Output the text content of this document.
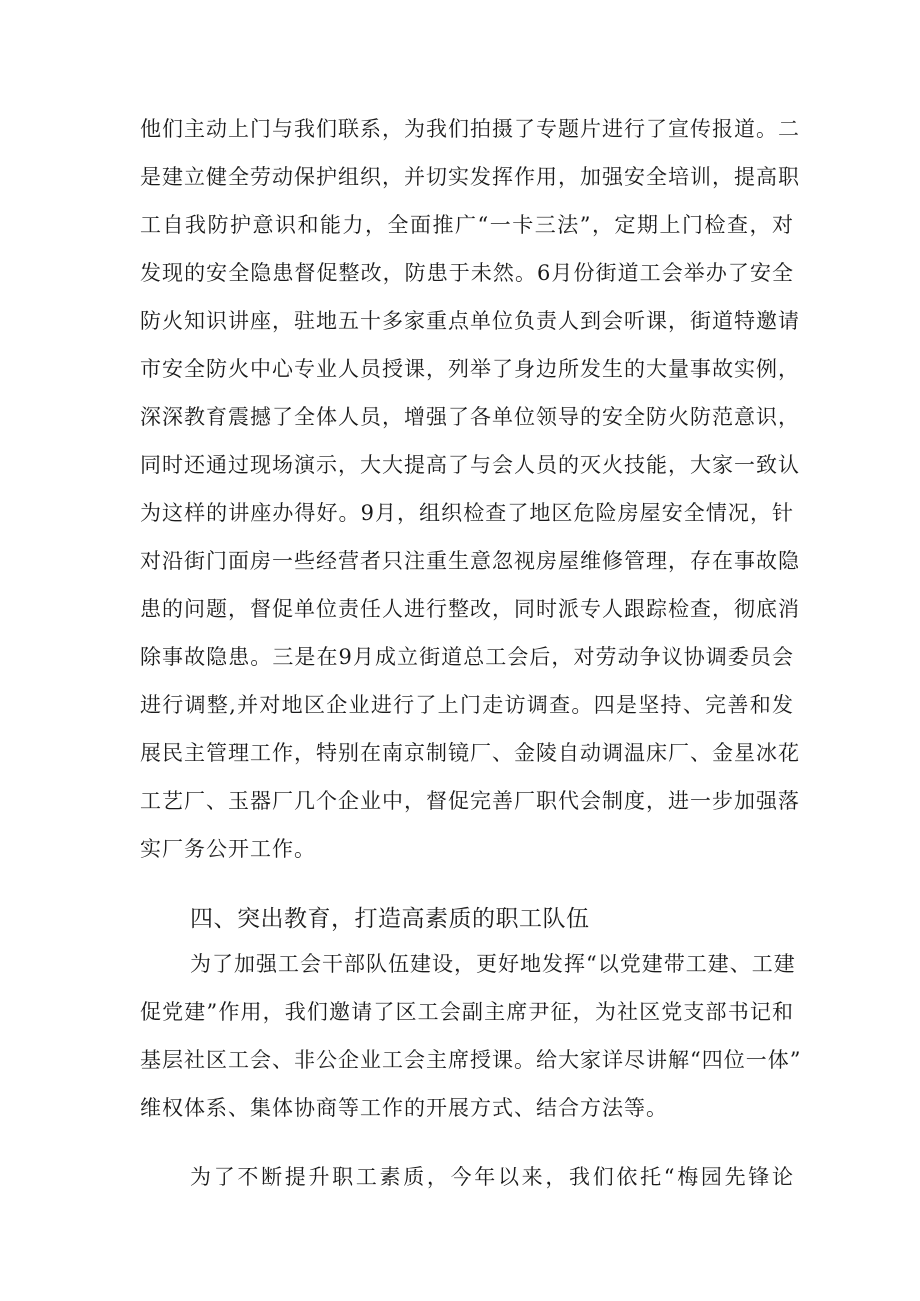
他们主动上门与我们联系，为我们拍摄了专题片进行了宣传报道。二
是建立健全劳动保护组织，并切实发挥作用，加强安全培训，提高职
工自我防护意识和能力，全面推广“一卡三法”，定期上门检查，对
发现的安全隐患督促整改，防患于未然。6月份街道工会举办了安全
防火知识讲座，驻地五十多家重点单位负责人到会听课，街道特邀请
市安全防火中心专业人员授课，列举了身边所发生的大量事故实例，
深深教育震撼了全体人员，增强了各单位领导的安全防火防范意识，
同时还通过现场演示，大大提高了与会人员的灭火技能，大家一致认
为这样的讲座办得好。9月，组织检查了地区危险房屋安全情况，针
对沿街门面房一些经营者只注重生意忽视房屋维修管理，存在事故隐
患的问题，督促单位责任人进行整改，同时派专人跟踪检查，彻底消
除事故隐患。三是在9月成立街道总工会后，对劳动争议协调委员会
进行调整,并对地区企业进行了上门走访调查。四是坚持、完善和发
展民主管理工作，特别在南京制镜厂、金陵自动调温床厂、金星冰花
工艺厂、玉器厂几个企业中，督促完善厂职代会制度，进一步加强落
实厂务公开工作。
四、突出教育，打造高素质的职工队伍
为了加强工会干部队伍建设，更好地发挥“以党建带工建、工建
促党建”作用，我们邀请了区工会副主席尹征，为社区党支部书记和
基层社区工会、非公企业工会主席授课。给大家详尽讲解“四位一体”
维权体系、集体协商等工作的开展方式、结合方法等。
为了不断提升职工素质，今年以来，我们依托“梅园先锋论
